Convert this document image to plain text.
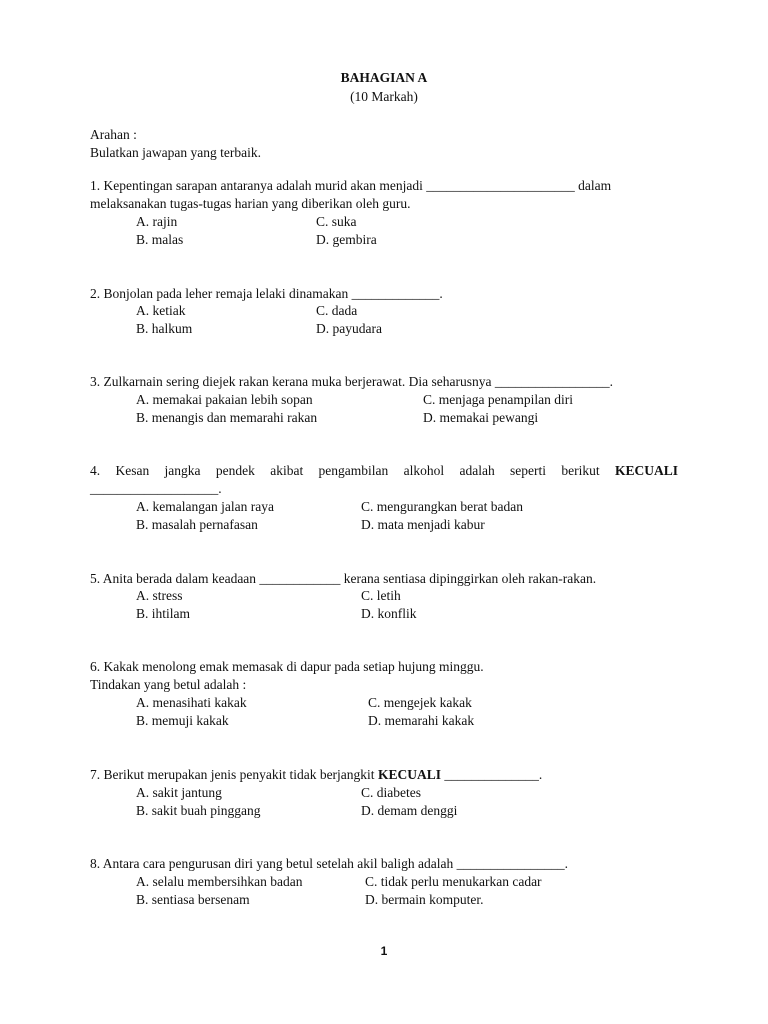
BAHAGIAN A
(10 Markah)
Arahan :
Bulatkan jawapan yang terbaik.
1. Kepentingan sarapan antaranya adalah murid akan menjadi ______________________ dalam
melaksanakan tugas-tugas harian yang diberikan oleh guru.
A. rajin	C. suka
B. malas	D. gembira
2. Bonjolan pada leher remaja lelaki dinamakan _____________.
A. ketiak	C. dada
B. halkum	D. payudara
3. Zulkarnain sering diejek rakan kerana muka berjerawat. Dia seharusnya _________________.
A. memakai pakaian lebih sopan	C. menjaga penampilan diri
B. menangis dan memarahi rakan	D. memakai pewangi
4. Kesan jangka pendek akibat pengambilan alkohol adalah seperti berikut KECUALI
___________________.
A. kemalangan jalan raya	C. mengurangkan berat badan
B. masalah pernafasan	D. mata menjadi kabur
5. Anita berada dalam keadaan ____________ kerana sentiasa dipinggirkan oleh rakan-rakan.
A. stress	C. letih
B. ihtilam	D. konflik
6. Kakak menolong emak memasak di dapur pada setiap hujung minggu.
Tindakan yang betul adalah :
A. menasihati kakak	C. mengejek kakak
B. memuji kakak	D. memarahi kakak
7. Berikut merupakan jenis penyakit tidak berjangkit KECUALI ______________.
A. sakit jantung	C. diabetes
B. sakit buah pinggang	D. demam denggi
8. Antara cara pengurusan diri yang betul setelah akil baligh adalah ________________.
A. selalu membersihkan badan	C. tidak perlu menukarkan cadar
B. sentiasa bersenam	D. bermain komputer.
1
